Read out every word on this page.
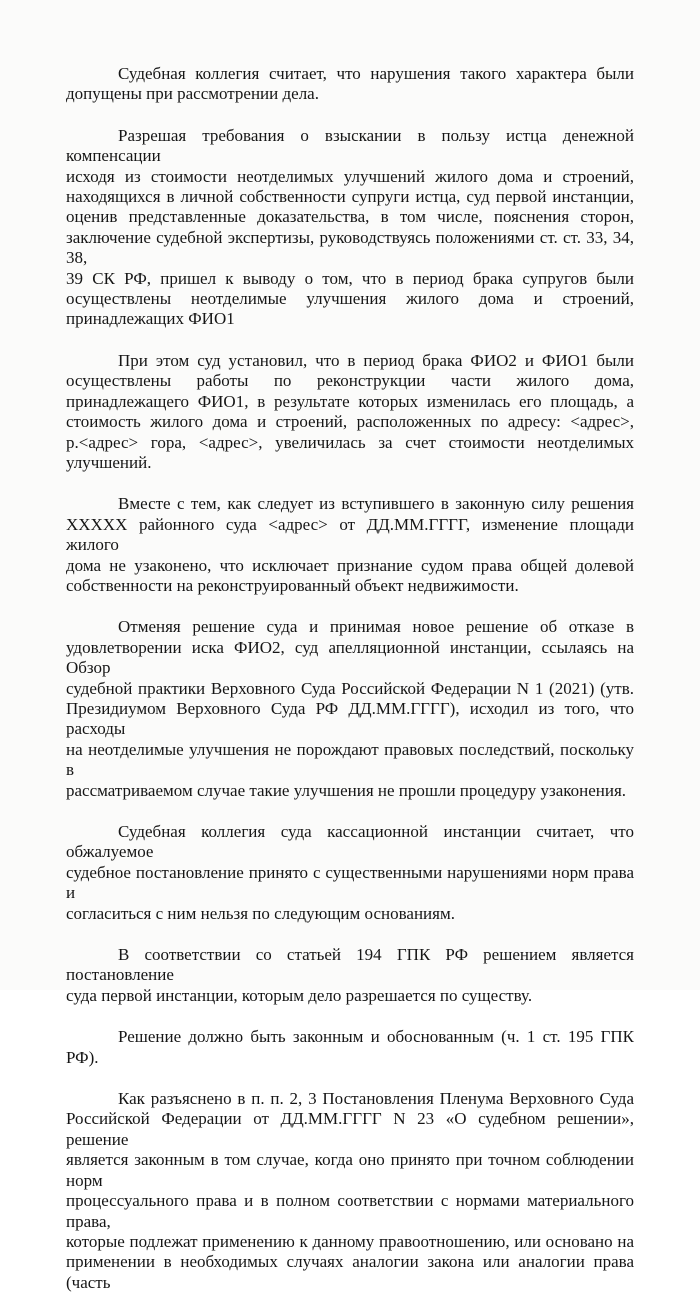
Судебная коллегия считает, что нарушения такого характера были
допущены при рассмотрении дела.
Разрешая требования о взыскании в пользу истца денежной компенсации
исходя из стоимости неотделимых улучшений жилого дома и строений,
находящихся в личной собственности супруги истца, суд первой инстанции,
оценив представленные доказательства, в том числе, пояснения сторон,
заключение судебной экспертизы, руководствуясь положениями ст. ст. 33, 34, 38,
39 СК РФ, пришел к выводу о том, что в период брака супругов были
осуществлены неотделимые улучшения жилого дома и строений,
принадлежащих ФИО1
При этом суд установил, что в период брака ФИО2 и ФИО1 были
осуществлены работы по реконструкции части жилого дома,
принадлежащего ФИО1, в результате которых изменилась его площадь, а
стоимость жилого дома и строений, расположенных по адресу: <адрес>,
р.<адрес> гора, <адрес>, увеличилась за счет стоимости неотделимых
улучшений.
Вместе с тем, как следует из вступившего в законную силу решения
XXXXX районного суда <адрес> от ДД.ММ.ГГГГ, изменение площади жилого
дома не узаконено, что исключает признание судом права общей долевой
собственности на реконструированный объект недвижимости.
Отменяя решение суда и принимая новое решение об отказе в
удовлетворении иска ФИО2, суд апелляционной инстанции, ссылаясь на Обзор
судебной практики Верховного Суда Российской Федерации N 1 (2021) (утв.
Президиумом Верховного Суда РФ ДД.ММ.ГГГГ), исходил из того, что расходы
на неотделимые улучшения не порождают правовых последствий, поскольку в
рассматриваемом случае такие улучшения не прошли процедуру узаконения.
Судебная коллегия суда кассационной инстанции считает, что обжалуемое
судебное постановление принято с существенными нарушениями норм права и
согласиться с ним нельзя по следующим основаниям.
В соответствии со статьей 194 ГПК РФ решением является постановление
суда первой инстанции, которым дело разрешается по существу.
Решение должно быть законным и обоснованным (ч. 1 ст. 195 ГПК РФ).
Как разъяснено в п. п. 2, 3 Постановления Пленума Верховного Суда
Российской Федерации от ДД.ММ.ГГГГ N 23 «О судебном решении», решение
является законным в том случае, когда оно принято при точном соблюдении норм
процессуального права и в полном соответствии с нормами материального права,
которые подлежат применению к данному правоотношению, или основано на
применении в необходимых случаях аналогии закона или аналогии права (часть
